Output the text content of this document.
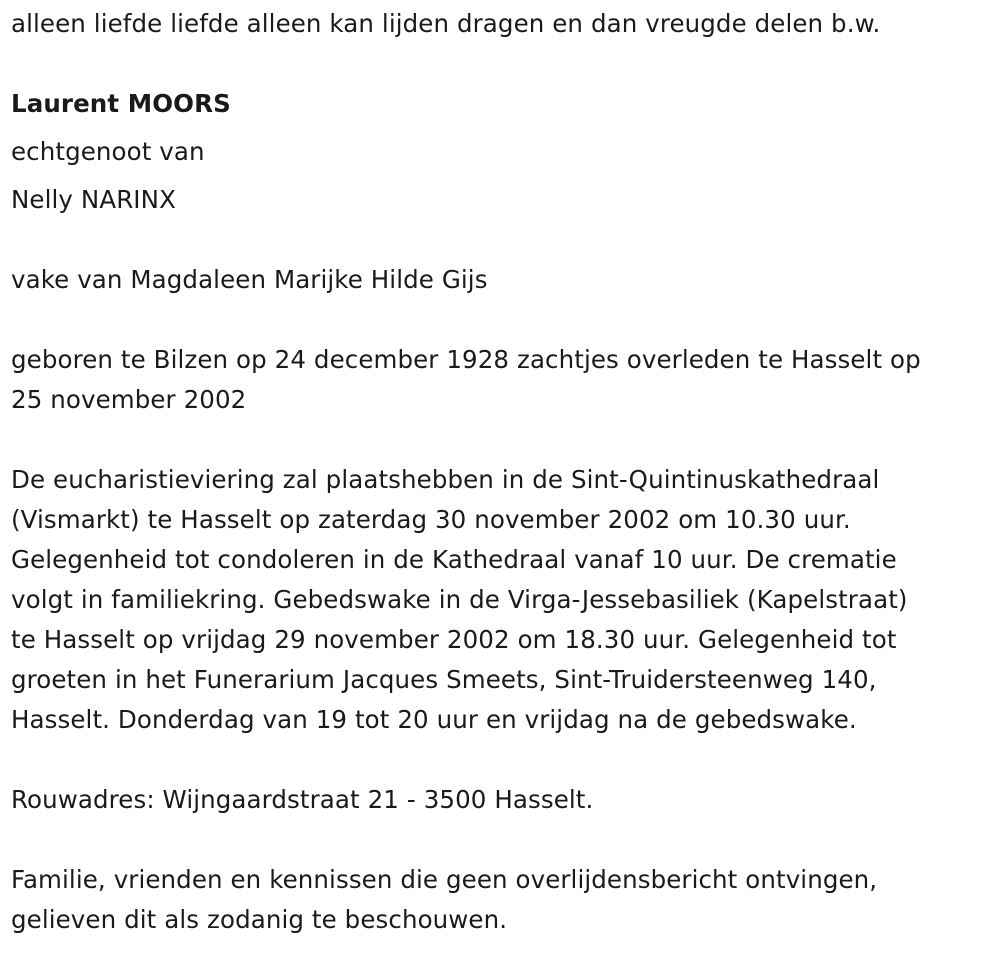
alleen liefde liefde alleen kan lijden dragen en dan vreugde delen b.w.
Laurent MOORS
echtgenoot van
Nelly NARINX
vake van Magdaleen Marijke Hilde Gijs
geboren te Bilzen op 24 december 1928 zachtjes overleden te Hasselt op
25 november 2002
De eucharistieviering zal plaatshebben in de Sint-Quintinuskathedraal
(Vismarkt) te Hasselt op zaterdag 30 november 2002 om 10.30 uur.
Gelegenheid tot condoleren in de Kathedraal vanaf 10 uur. De crematie
volgt in familiekring. Gebedswake in de Virga-Jessebasiliek (Kapelstraat)
te Hasselt op vrijdag 29 november 2002 om 18.30 uur. Gelegenheid tot
groeten in het Funerarium Jacques Smeets, Sint-Truidersteenweg 140,
Hasselt. Donderdag van 19 tot 20 uur en vrijdag na de gebedswake.
Rouwadres: Wijngaardstraat 21 - 3500 Hasselt.
Familie, vrienden en kennissen die geen overlijdensbericht ontvingen,
gelieven dit als zodanig te beschouwen.
